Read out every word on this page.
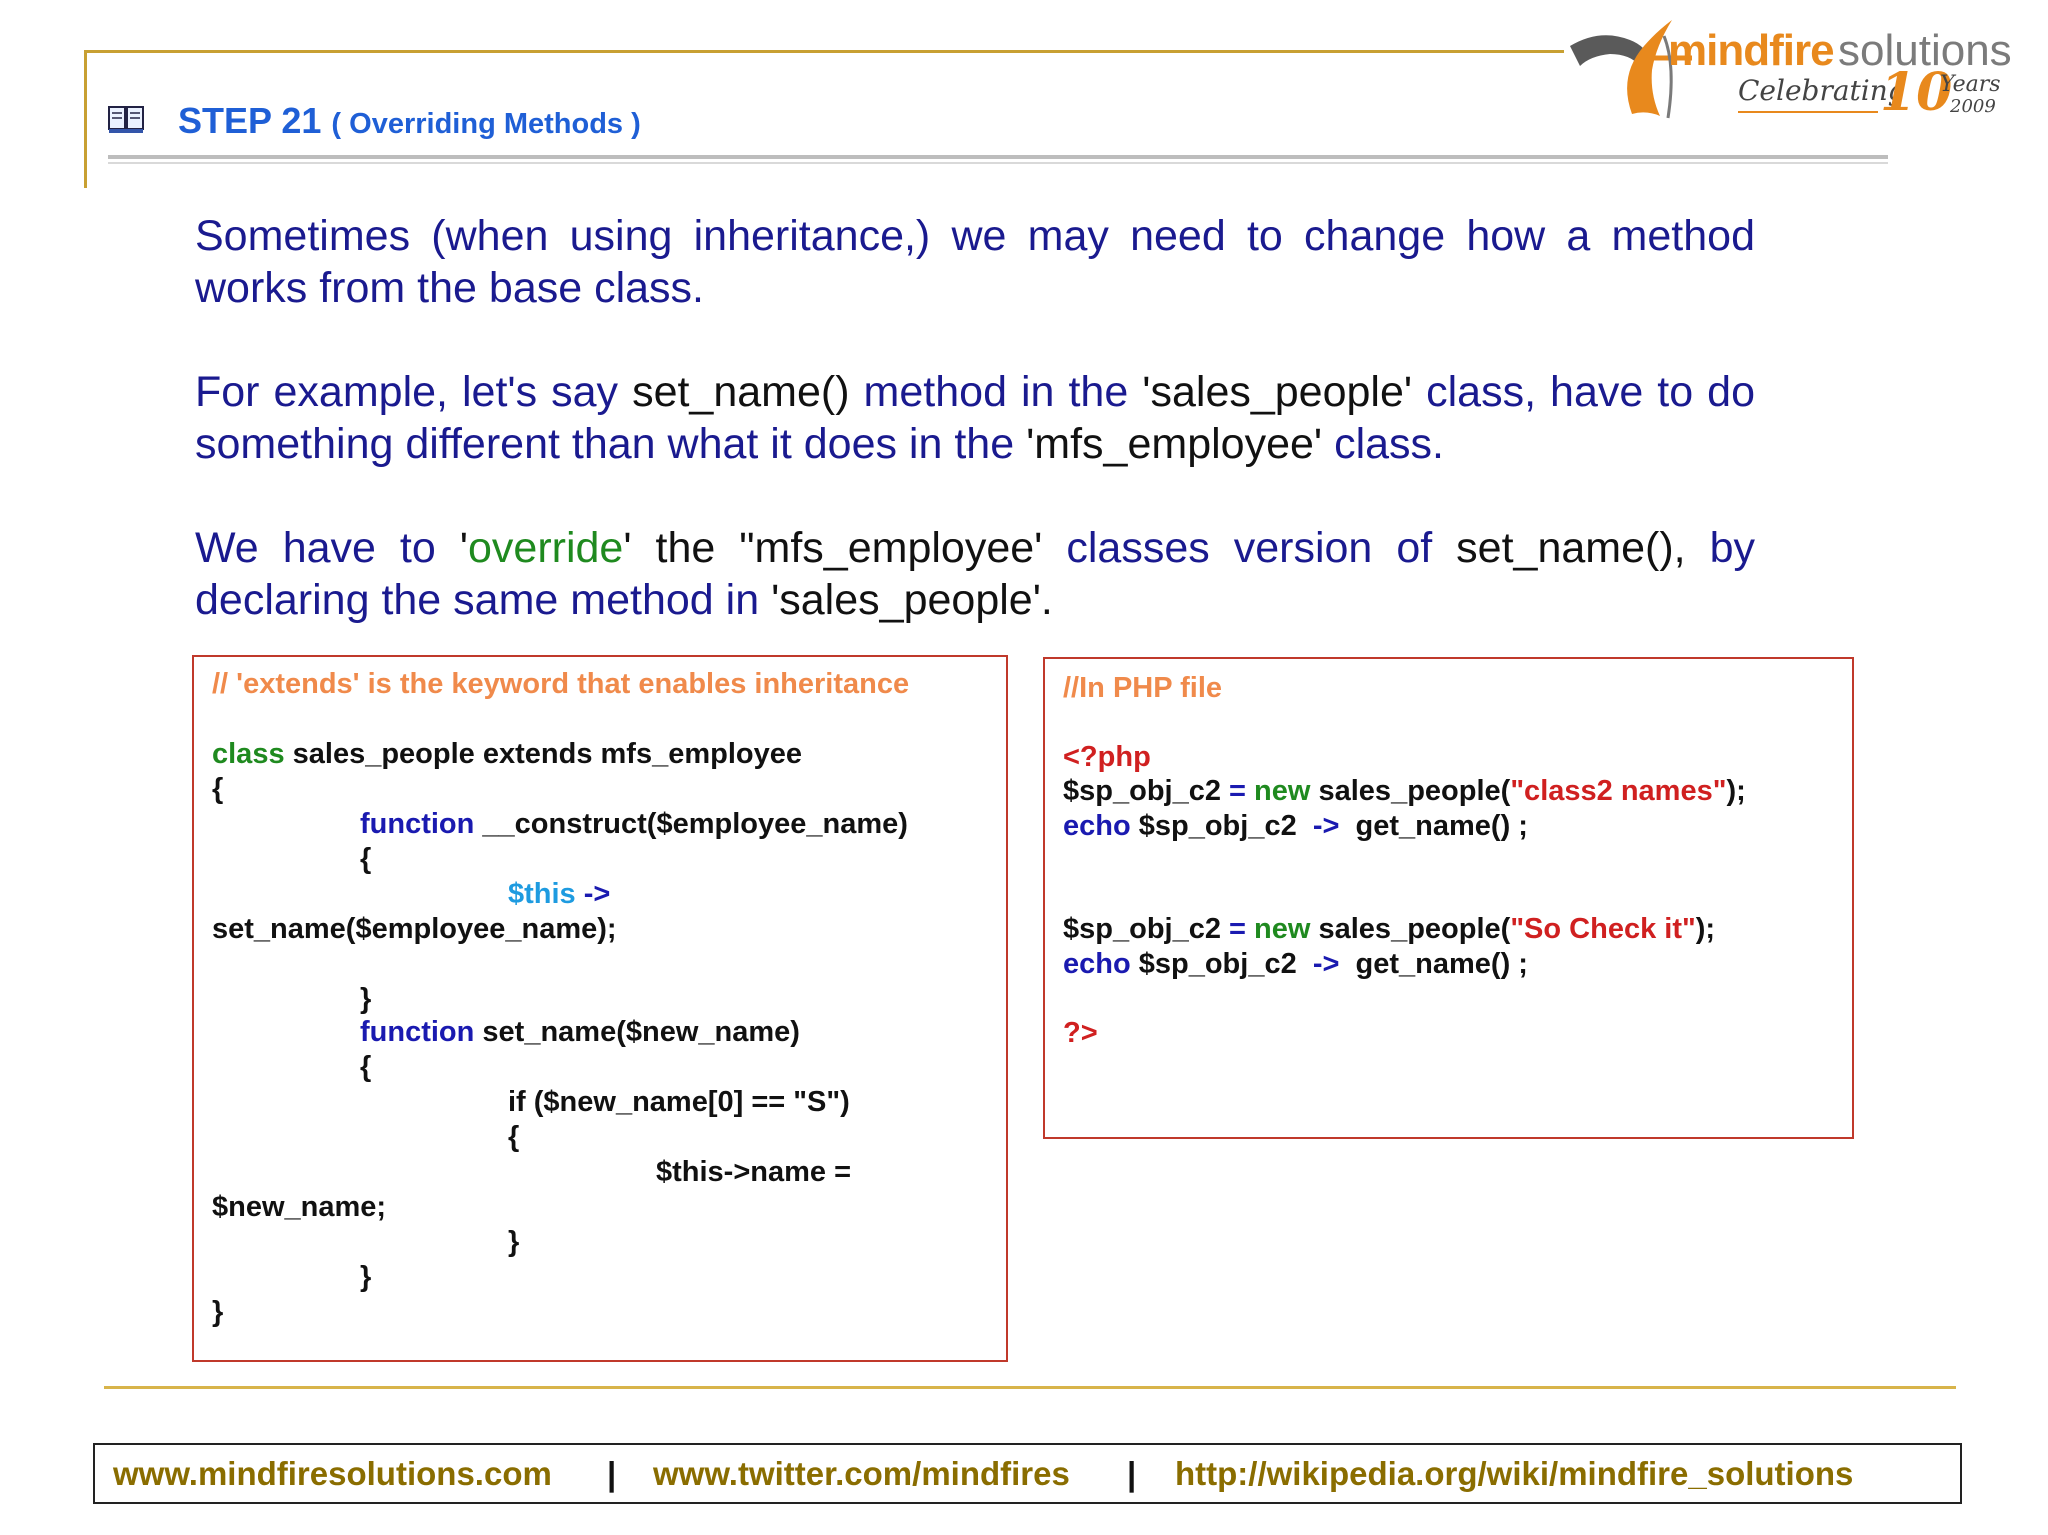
STEP 21 ( Overriding Methods )
mindfire solutions
Celebrating
10
Years
2009
Sometimes (when using inheritance,) we may need to change how a method works from the base class.
For example, let's say set_name() method in the 'sales_people' class, have to do something different than what it does in the 'mfs_employee' class.
We have to 'override' the "mfs_employee' classes version of set_name(), by declaring the same method in 'sales_people'.
// 'extends' is the keyword that enables inheritance
class sales_people extends mfs_employee
{
function __construct($employee_name)
{
$this ->
set_name($employee_name);
}
function set_name($new_name)
{
if ($new_name[0] == "S")
{
$this->name =
$new_name;
}
}
}
//In PHP file
<?php
$sp_obj_c2 = new sales_people("class2 names");
echo $sp_obj_c2  ->  get_name() ;
$sp_obj_c2 = new sales_people("So Check it");
echo $sp_obj_c2  ->  get_name() ;
?>
www.mindfiresolutions.com | www.twitter.com/mindfires | http://wikipedia.org/wiki/mindfire_solutions
